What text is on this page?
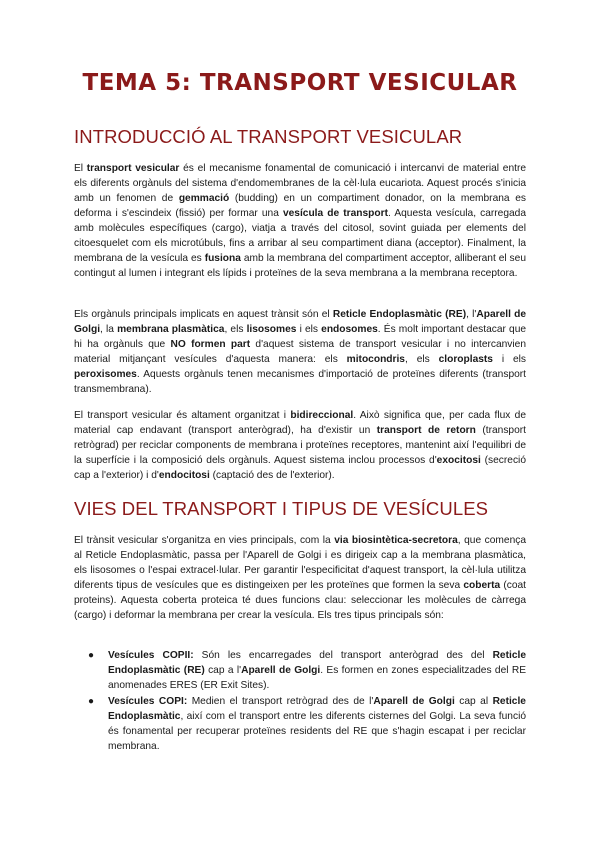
TEMA 5: TRANSPORT VESICULAR
INTRODUCCIÓ AL TRANSPORT VESICULAR

El transport vesicular és el mecanisme fonamental de comunicació i intercanvi de material entre els diferents orgànuls del sistema d'endomembranes de la cèl·lula eucariota. Aquest procés s'inicia amb un fenomen de gemmació (budding) en un compartiment donador, on la membrana es deforma i s'escindeix (fissió) per formar una vesícula de transport. Aquesta vesícula, carregada amb molècules específiques (cargo), viatja a través del citosol, sovint guiada per elements del citoesquelet com els microtúbuls, fins a arribar al seu compartiment diana (acceptor). Finalment, la membrana de la vesícula es fusiona amb la membrana del compartiment acceptor, alliberant el seu contingut al lumen i integrant els lípids i proteïnes de la seva membrana a la membrana receptora.

Els orgànuls principals implicats en aquest trànsit són el Reticle Endoplasmàtic (RE), l'Aparell de Golgi, la membrana plasmàtica, els lisosomes i els endosomes. És molt important destacar que hi ha orgànuls que NO formen part d'aquest sistema de transport vesicular i no intercanvien material mitjançant vesícules d'aquesta manera: els mitocondris, els cloroplasts i els peroxisomes. Aquests orgànuls tenen mecanismes d'importació de proteïnes diferents (transport transmembrana).

El transport vesicular és altament organitzat i bidireccional. Això significa que, per cada flux de material cap endavant (transport anterògrad), ha d'existir un transport de retorn (transport retrògrad) per reciclar components de membrana i proteïnes receptores, mantenint així l'equilibri de la superfície i la composició dels orgànuls. Aquest sistema inclou processos d'exocitosi (secreció cap a l'exterior) i d'endocitosi (captació des de l'exterior).

VIES DEL TRANSPORT I TIPUS DE VESÍCULES

El trànsit vesicular s'organitza en vies principals, com la via biosintètica-secretora, que comença al Reticle Endoplasmàtic, passa per l'Aparell de Golgi i es dirigeix cap a la membrana plasmàtica, els lisosomes o l'espai extracel·lular. Per garantir l'especificitat d'aquest transport, la cèl·lula utilitza diferents tipus de vesícules que es distingeixen per les proteïnes que formen la seva coberta (coat proteins). Aquesta coberta proteica té dues funcions clau: seleccionar les molècules de càrrega (cargo) i deformar la membrana per crear la vesícula. Els tres tipus principals són:

● Vesícules COPII: Són les encarregades del transport anterògrad des del Reticle Endoplasmàtic (RE) cap a l'Aparell de Golgi. Es formen en zones especialitzades del RE anomenades ERES (ER Exit Sites).
● Vesícules COPI: Medien el transport retrògrad des de l'Aparell de Golgi cap al Reticle Endoplasmàtic, així com el transport entre les diferents cisternes del Golgi. La seva funció és fonamental per recuperar proteïnes residents del RE que s'hagin escapat i per reciclar membrana.
